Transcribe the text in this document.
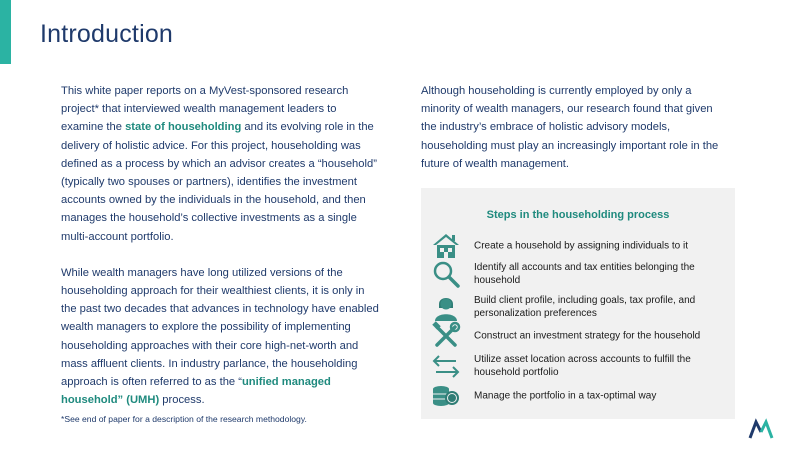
Introduction

This white paper reports on a MyVest-sponsored research project* that interviewed wealth management leaders to examine the state of householding and its evolving role in the delivery of holistic advice. For this project, householding was defined as a process by which an advisor creates a “household” (typically two spouses or partners), identifies the investment accounts owned by the individuals in the household, and then manages the household’s collective investments as a single multi-account portfolio.

While wealth managers have long utilized versions of the householding approach for their wealthiest clients, it is only in the past two decades that advances in technology have enabled wealth managers to explore the possibility of implementing householding approaches with their core high-net-worth and mass affluent clients. In industry parlance, the householding approach is often referred to as the “unified managed household” (UMH) process.

*See end of paper for a description of the research methodology.
Although householding is currently employed by only a minority of wealth managers, our research found that given the industry’s embrace of holistic advisory models, householding must play an increasingly important role in the future of wealth management.
Steps in the householding process
Create a household by assigning individuals to it
Identify all accounts and tax entities belonging the household
Build client profile, including goals, tax profile, and personalization preferences
Construct an investment strategy for the household
Utilize asset location across accounts to fulfill the household portfolio
Manage the portfolio in a tax-optimal way
